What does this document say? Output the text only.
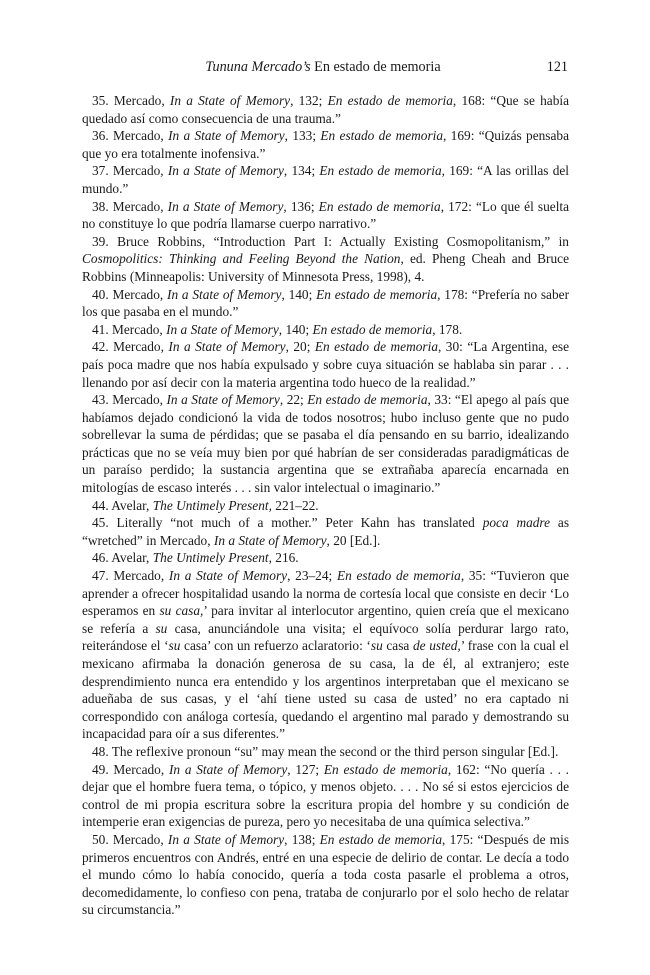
Tununa Mercado’s En estado de memoria	121

35. Mercado, In a State of Memory, 132; En estado de memoria, 168: “Que se había quedado así como consecuencia de una trauma.”

36. Mercado, In a State of Memory, 133; En estado de memoria, 169: “Quizás pensaba que yo era totalmente inofensiva.”

37. Mercado, In a State of Memory, 134; En estado de memoria, 169: “A las orillas del mundo.”

38. Mercado, In a State of Memory, 136; En estado de memoria, 172: “Lo que él suelta no constituye lo que podría llamarse cuerpo narrativo.”

39. Bruce Robbins, “Introduction Part I: Actually Existing Cosmopolitanism,” in Cosmopolitics: Thinking and Feeling Beyond the Nation, ed. Pheng Cheah and Bruce Robbins (Minneapolis: University of Minnesota Press, 1998), 4.

40. Mercado, In a State of Memory, 140; En estado de memoria, 178: “Prefería no saber los que pasaba en el mundo.”

41. Mercado, In a State of Memory, 140; En estado de memoria, 178.

42. Mercado, In a State of Memory, 20; En estado de memoria, 30: “La Argentina, ese país poca madre que nos había expulsado y sobre cuya situación se hablaba sin parar . . . llenando por así decir con la materia argentina todo hueco de la realidad.”

43. Mercado, In a State of Memory, 22; En estado de memoria, 33: “El apego al país que habíamos dejado condicionó la vida de todos nosotros; hubo incluso gente que no pudo sobrellevar la suma de pérdidas; que se pasaba el día pensando en su barrio, idealizando prácticas que no se veía muy bien por qué habrían de ser consideradas paradigmáticas de un paraíso perdido; la sustancia argentina que se extrañaba aparecía encarnada en mitologías de escaso interés . . . sin valor intelectual o imaginario.”

44. Avelar, The Untimely Present, 221–22.

45. Literally “not much of a mother.” Peter Kahn has translated poca madre as “wretched” in Mercado, In a State of Memory, 20 [Ed.].

46. Avelar, The Untimely Present, 216.

47. Mercado, In a State of Memory, 23–24; En estado de memoria, 35: “Tuvieron que aprender a ofrecer hospitalidad usando la norma de cortesía local que consiste en decir ‘Lo esperamos en su casa,’ para invitar al interlocutor argentino, quien creía que el mexicano se refería a su casa, anunciándole una visita; el equívoco solía perdurar largo rato, reiterándose el ‘su casa’ con un refuerzo aclaratorio: ‘su casa de usted,’ frase con la cual el mexicano afirmaba la donación generosa de su casa, la de él, al extranjero; este desprendimiento nunca era entendido y los argentinos interpretaban que el mexicano se adueñaba de sus casas, y el ‘ahí tiene usted su casa de usted’ no era captado ni correspondido con análoga cortesía, quedando el argentino mal parado y demostrando su incapacidad para oír a sus diferentes.”

48. The reflexive pronoun “su” may mean the second or the third person singular [Ed.].

49. Mercado, In a State of Memory, 127; En estado de memoria, 162: “No quería . . . dejar que el hombre fuera tema, o tópico, y menos objeto. . . . No sé si estos ejercicios de control de mi propia escritura sobre la escritura propia del hombre y su condición de intemperie eran exigencias de pureza, pero yo necesitaba de una química selectiva.”

50. Mercado, In a State of Memory, 138; En estado de memoria, 175: “Después de mis primeros encuentros con Andrés, entré en una especie de delirio de contar. Le decía a todo el mundo cómo lo había conocido, quería a toda costa pasarle el problema a otros, decomedidamente, lo confieso con pena, trataba de conjurarlo por el solo hecho de relatar su circumstancia.”
